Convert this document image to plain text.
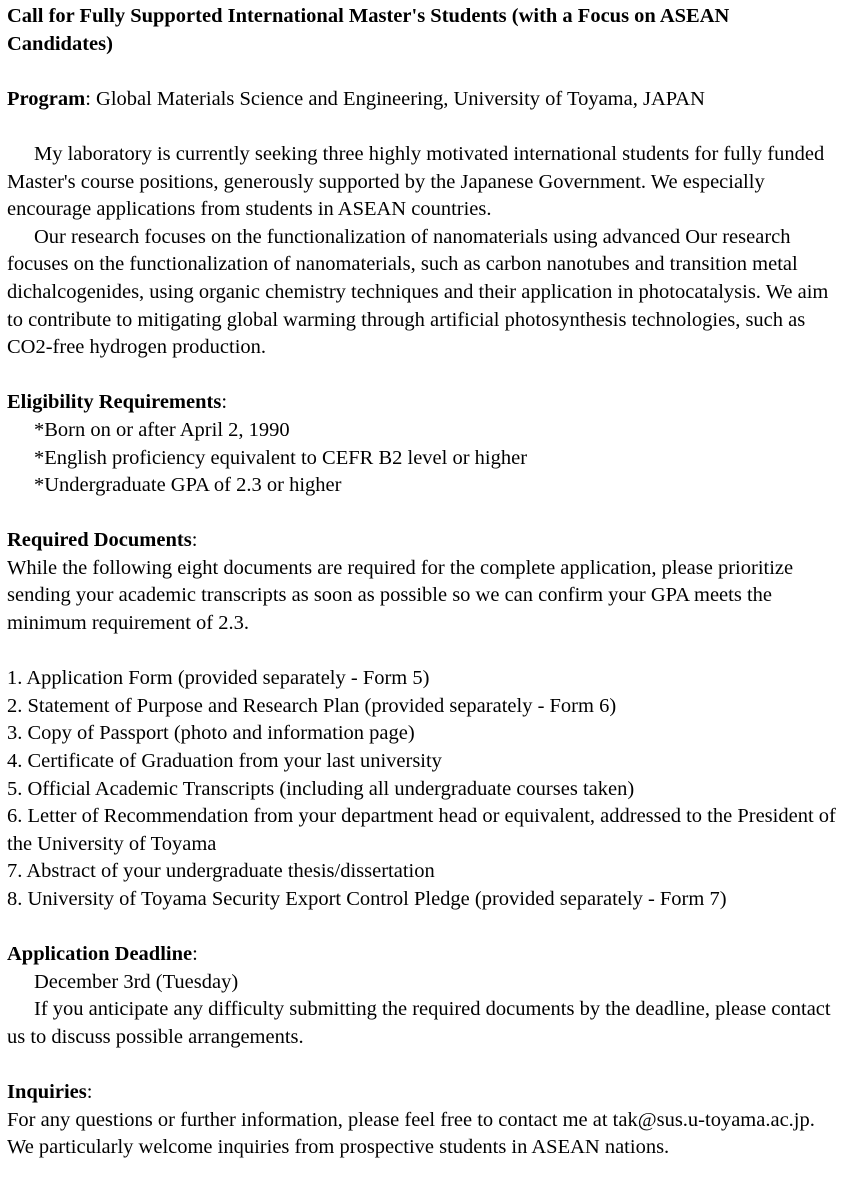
Call for Fully Supported International Master's Students (with a Focus on ASEAN Candidates)

Program: Global Materials Science and Engineering, University of Toyama, JAPAN

My laboratory is currently seeking three highly motivated international students for fully funded Master's course positions, generously supported by the Japanese Government. We especially encourage applications from students in ASEAN countries.

Our research focuses on the functionalization of nanomaterials using advanced Our research focuses on the functionalization of nanomaterials, such as carbon nanotubes and transition metal dichalcogenides, using organic chemistry techniques and their application in photocatalysis. We aim to contribute to mitigating global warming through artificial photosynthesis technologies, such as CO2-free hydrogen production.

Eligibility Requirements:

*Born on or after April 2, 1990

*English proficiency equivalent to CEFR B2 level or higher

*Undergraduate GPA of 2.3 or higher

Required Documents:

While the following eight documents are required for the complete application, please prioritize sending your academic transcripts as soon as possible so we can confirm your GPA meets the minimum requirement of 2.3.

1. Application Form (provided separately - Form 5)

2. Statement of Purpose and Research Plan (provided separately - Form 6)

3. Copy of Passport (photo and information page)

4. Certificate of Graduation from your last university

5. Official Academic Transcripts (including all undergraduate courses taken)

6. Letter of Recommendation from your department head or equivalent, addressed to the President of the University of Toyama

7. Abstract of your undergraduate thesis/dissertation

8. University of Toyama Security Export Control Pledge (provided separately - Form 7)

Application Deadline:

December 3rd (Tuesday)

If you anticipate any difficulty submitting the required documents by the deadline, please contact us to discuss possible arrangements.

Inquiries:

For any questions or further information, please feel free to contact me at tak@sus.u-toyama.ac.jp. We particularly welcome inquiries from prospective students in ASEAN nations.
